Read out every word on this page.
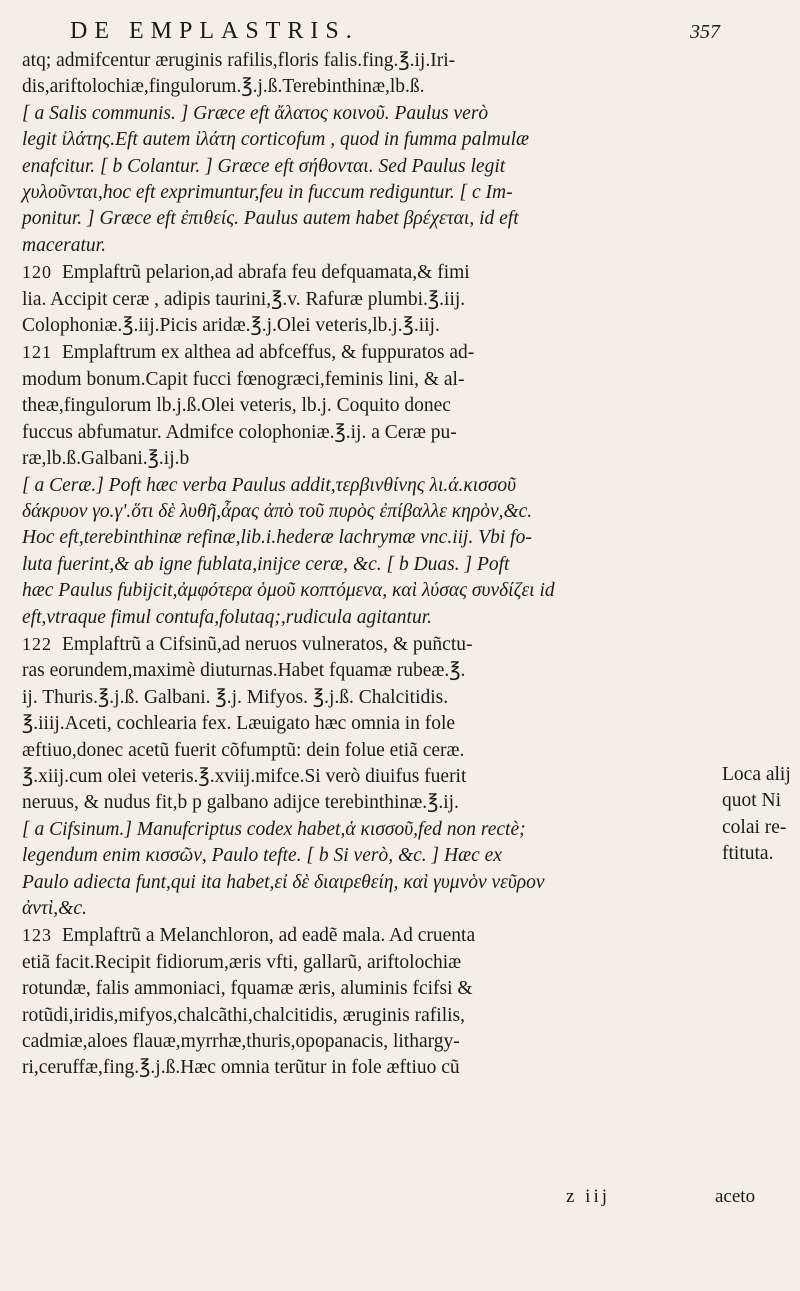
DE EMPLASTRIS.	357
atq; admifcentur æruginis rafilis,floris falis.fing.℥.ij.Iri-
dis,ariftolochiæ,fingulorum.℥.j.ß.Terebinthinæ,lb.ß.
[ a Salis communis. ] Græce eft ἄλατος κοινοῦ. Paulus verò
legit ἰλάτης.Eft autem ἰλάτη corticofum , quod in fumma palmulæ
enafcitur. [ b Colantur. ] Græce eft σήθονται. Sed Paulus legit
χυλοῦνται,hoc eft exprimuntur,feu in fuccum rediguntur. [ c Im-
ponitur. ] Græce eft ἐπιθείς. Paulus autem habet βρέχεται, id eft
maceratur.
120 Emplaftrũ pelarion,ad abrafa feu defquamata,& fimi
lia. Accipit ceræ , adipis taurini,℥.v. Rafuræ plumbi.℥.iij.
Colophoniæ.℥.iij.Picis aridæ.℥.j.Olei veteris,lb.j.℥.iij.
121 Emplaftrum ex althea ad abfceffus, & fuppuratos ad-
modum bonum.Capit fucci fœnogræci,feminis lini, & al-
theæ,fingulorum lb.j.ß.Olei veteris, lb.j. Coquito donec
fuccus abfumatur. Admifce colophoniæ.℥.ij. a Ceræ pu-
ræ,lb.ß.Galbani.℥.ij.b
[ a Ceræ.] Poft hæc verba Paulus addit,τερβινθίνης λι.ά.κισσοῦ
δάκρυον γο.γ'.ὅτι δὲ λυθῆ,ἆρας ἀπὸ τοῦ πυρὸς ἐπίβαλλε κηρὸν,&c.
Hoc eft,terebinthinæ refinæ,lib.i.hederæ lachrymæ vnc.iij. Vbi fo-
luta fuerint,& ab igne fublata,inijce ceræ, &c. [ b Duas. ] Poft
hæc Paulus fubijcit,ἀμφότερα ὁμοῦ κοπτόμενα, καὶ λύσας συνδίζει id
eft,vtraque fimul contufa,folutaq;,rudicula agitantur.
122 Emplaftrũ a Cifsinũ,ad neruos vulneratos, & puñctu-
ras eorundem,maximè diuturnas.Habet fquamæ rubeæ.℥.
ij. Thuris.℥.j.ß. Galbani. ℥.j. Mifyos. ℥.j.ß. Chalcitidis.
℥.iiij.Aceti, cochlearia fex. Læuigato hæc omnia in fole
æftiuo,donec acetũ fuerit cõfumptũ: dein folue etiã ceræ.
℥.xiij.cum olei veteris.℥.xviij.mifce.Si verò diuifus fuerit
neruus, & nudus fit,b p galbano adijce terebinthinæ.℥.ij.
[ a Cifsinum.] Manufcriptus codex habet,ἁ κισσοῦ,fed non rectè;
legendum enim κισσῶν, Paulo tefte. [ b Si verò, &c. ] Hæc ex
Paulo adiecta funt,qui ita habet,εἰ δὲ διαιρεθείη, καὶ γυμνὸν νεῦρον
ἀντὶ,&c.
123 Emplaftrũ a Melanchloron, ad eadẽ mala. Ad cruenta
etiã facit.Recipit fidiorum,æris vfti, gallarũ, ariftolochiæ
rotundæ, falis ammoniaci, fquamæ æris, aluminis fcifsi &
rotũdi,iridis,mifyos,chalcãthi,chalcitidis, æruginis rafilis,
cadmiæ,aloes flauæ,myrrhæ,thuris,opopanacis, lithargy-
ri,ceruffæ,fing.℥.j.ß.Hæc omnia terũtur in fole æftiuo cũ
Loca alij
quot Ni
colai re-
ftituta.
z iij	aceto
